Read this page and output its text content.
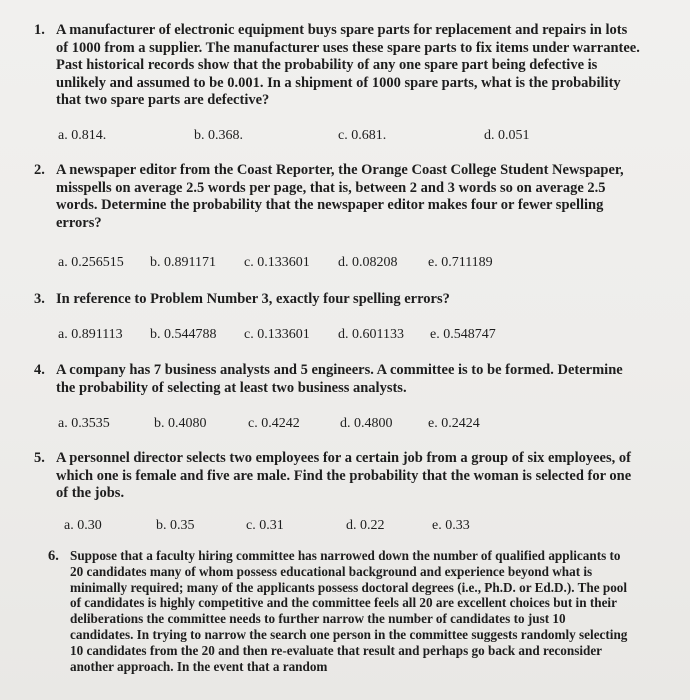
1. A manufacturer of electronic equipment buys spare parts for replacement and repairs in lots of 1000 from a supplier. The manufacturer uses these spare parts to fix items under warrantee. Past historical records show that the probability of any one spare part being defective is unlikely and assumed to be 0.001. In a shipment of 1000 spare parts, what is the probability that two spare parts are defective?
a. 0.814.	b. 0.368.	c. 0.681.	d. 0.051
2. A newspaper editor from the Coast Reporter, the Orange Coast College Student Newspaper, misspells on average 2.5 words per page, that is, between 2 and 3 words so on average 2.5 words. Determine the probability that the newspaper editor makes four or fewer spelling errors?
a. 0.256515 b. 0.891171 c. 0.133601 d. 0.08208 e. 0.711189
3. In reference to Problem Number 3, exactly four spelling errors?
a. 0.891113 b. 0.544788 c. 0.133601 d. 0.601133 e. 0.548747
4. A company has 7 business analysts and 5 engineers. A committee is to be formed. Determine the probability of selecting at least two business analysts.
a. 0.3535	b. 0.4080	c. 0.4242	d. 0.4800	e. 0.2424
5. A personnel director selects two employees for a certain job from a group of six employees, of which one is female and five are male. Find the probability that the woman is selected for one of the jobs.
a. 0.30	b. 0.35	c. 0.31	d. 0.22	e. 0.33
6. Suppose that a faculty hiring committee has narrowed down the number of qualified applicants to 20 candidates many of whom possess educational background and experience beyond what is minimally required; many of the applicants possess doctoral degrees (i.e., Ph.D. or Ed.D.). The pool of candidates is highly competitive and the committee feels all 20 are excellent choices but in their deliberations the committee needs to further narrow the number of candidates to just 10 candidates. In trying to narrow the search one person in the committee suggests randomly selecting 10 candidates from the 20 and then re-evaluate that result and perhaps go back and reconsider another approach. In the event that a random
